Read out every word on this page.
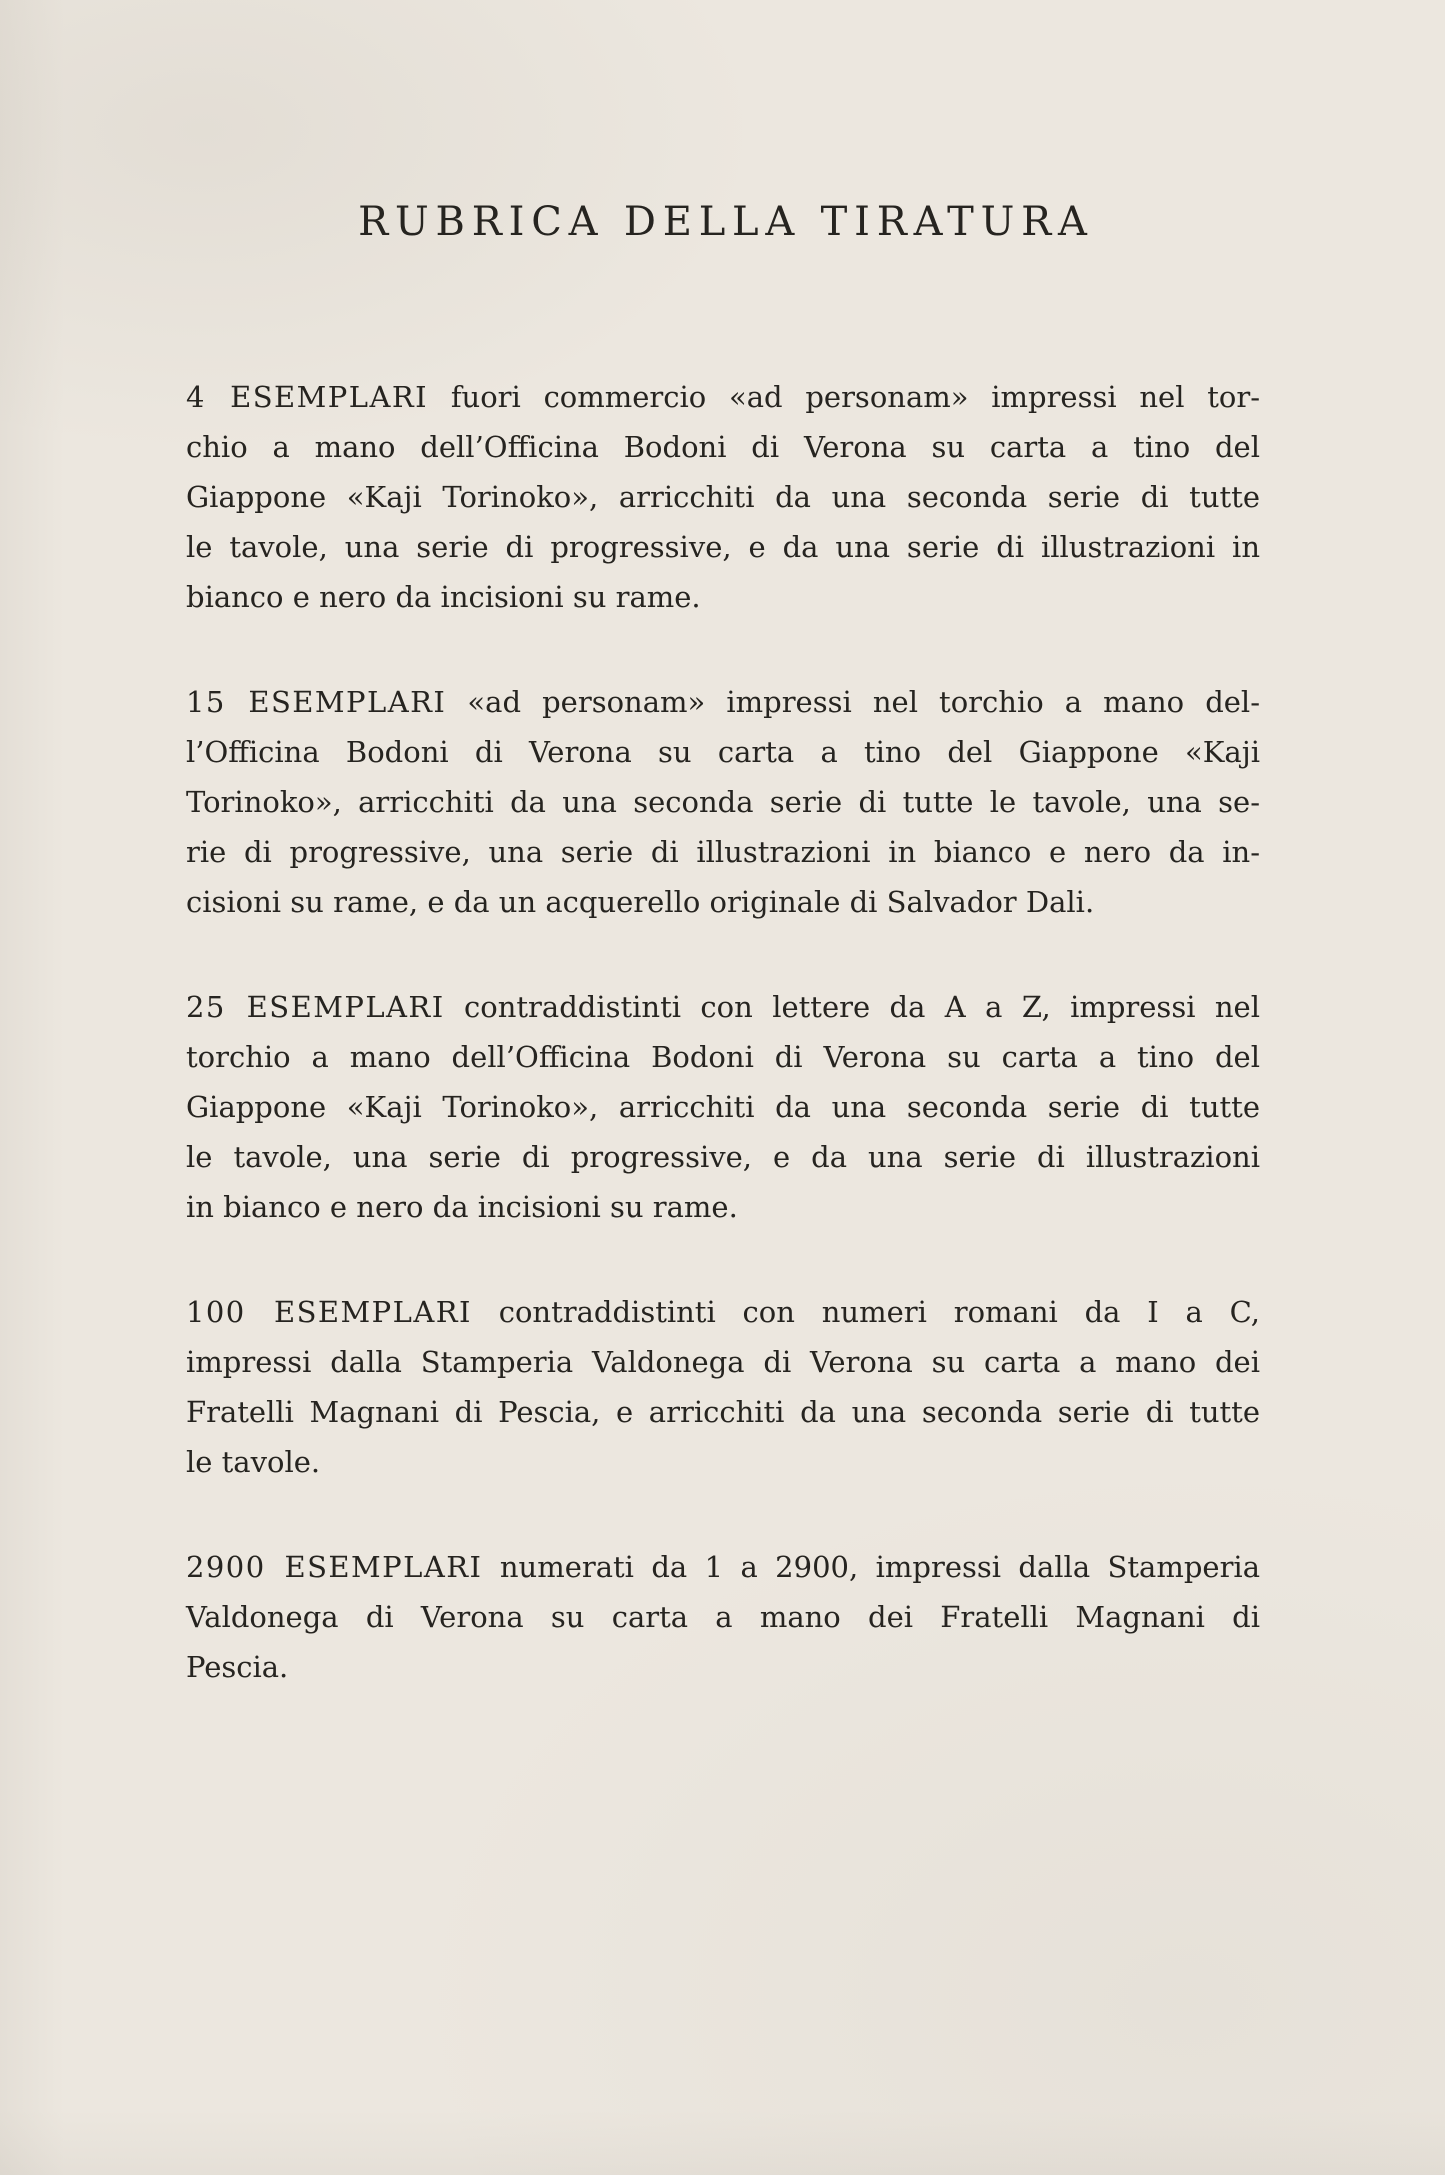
RUBRICA DELLA TIRATURA

4 ESEMPLARI fuori commercio «ad personam» impressi nel tor-
chio a mano dell’Officina Bodoni di Verona su carta a tino del
Giappone «Kaji Torinoko», arricchiti da una seconda serie di tutte
le tavole, una serie di progressive, e da una serie di illustrazioni in
bianco e nero da incisioni su rame.

15 ESEMPLARI «ad personam» impressi nel torchio a mano del-
l’Officina Bodoni di Verona su carta a tino del Giappone «Kaji
Torinoko», arricchiti da una seconda serie di tutte le tavole, una se-
rie di progressive, una serie di illustrazioni in bianco e nero da in-
cisioni su rame, e da un acquerello originale di Salvador Dali.

25 ESEMPLARI contraddistinti con lettere da A a Z, impressi nel
torchio a mano dell’Officina Bodoni di Verona su carta a tino del
Giappone «Kaji Torinoko», arricchiti da una seconda serie di tutte
le tavole, una serie di progressive, e da una serie di illustrazioni
in bianco e nero da incisioni su rame.

100 ESEMPLARI contraddistinti con numeri romani da I a C,
impressi dalla Stamperia Valdonega di Verona su carta a mano dei
Fratelli Magnani di Pescia, e arricchiti da una seconda serie di tutte
le tavole.

2900 ESEMPLARI numerati da 1 a 2900, impressi dalla Stamperia
Valdonega di Verona su carta a mano dei Fratelli Magnani di
Pescia.
